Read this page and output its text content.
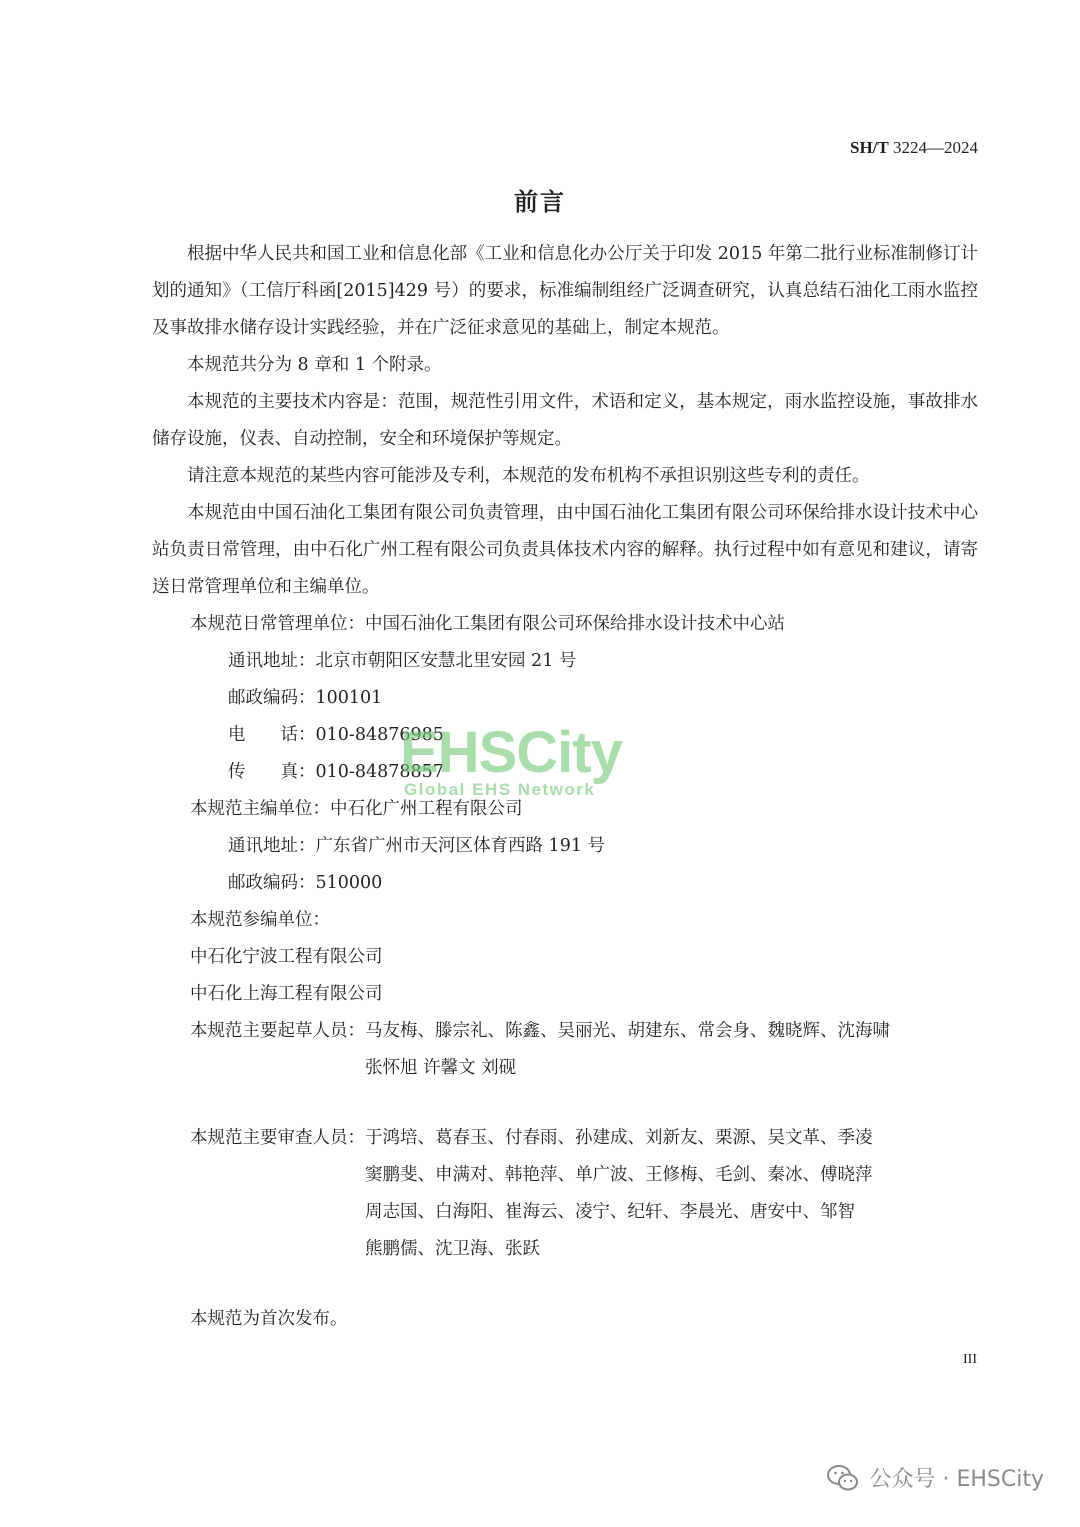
SH/T 3224—2024
前言

根据中华人民共和国工业和信息化部《工业和信息化办公厅关于印发 2015 年第二批行业标准制修订计划的通知》（工信厅科函[2015]429 号）的要求，标准编制组经广泛调查研究，认真总结石油化工雨水监控及事故排水储存设计实践经验，并在广泛征求意见的基础上，制定本规范。

本规范共分为 8 章和 1 个附录。

本规范的主要技术内容是：范围，规范性引用文件，术语和定义，基本规定，雨水监控设施，事故排水储存设施，仪表、自动控制，安全和环境保护等规定。

请注意本规范的某些内容可能涉及专利，本规范的发布机构不承担识别这些专利的责任。

本规范由中国石油化工集团有限公司负责管理，由中国石油化工集团有限公司环保给排水设计技术中心站负责日常管理，由中石化广州工程有限公司负责具体技术内容的解释。执行过程中如有意见和建议，请寄送日常管理单位和主编单位。

本规范日常管理单位：中国石油化工集团有限公司环保给排水设计技术中心站

通讯地址：北京市朝阳区安慧北里安园 21 号

邮政编码：100101

电　　话：010-84876985

传　　真：010-84878857

本规范主编单位：中石化广州工程有限公司

通讯地址：广东省广州市天河区体育西路 191 号

邮政编码：510000

本规范参编单位：

中石化宁波工程有限公司

中石化上海工程有限公司

本规范主要起草人员： 马友梅、滕宗礼、陈鑫、吴丽光、胡建东、常会身、魏晓辉、沈海啸

张怀旭 许馨文 刘砚

本规范主要审查人员： 于鸿培、葛春玉、付春雨、孙建成、刘新友、栗源、吴文革、季凌

窦鹏斐、申满对、韩艳萍、单广波、王修梅、毛剑、秦冰、傅晓萍

周志国、白海阳、崔海云、凌宁、纪轩、李晨光、唐安中、邹智

熊鹏儒、沈卫海、张跃

本规范为首次发布。

III
EHSCity
Global EHS Network
公众号 · EHSCity
